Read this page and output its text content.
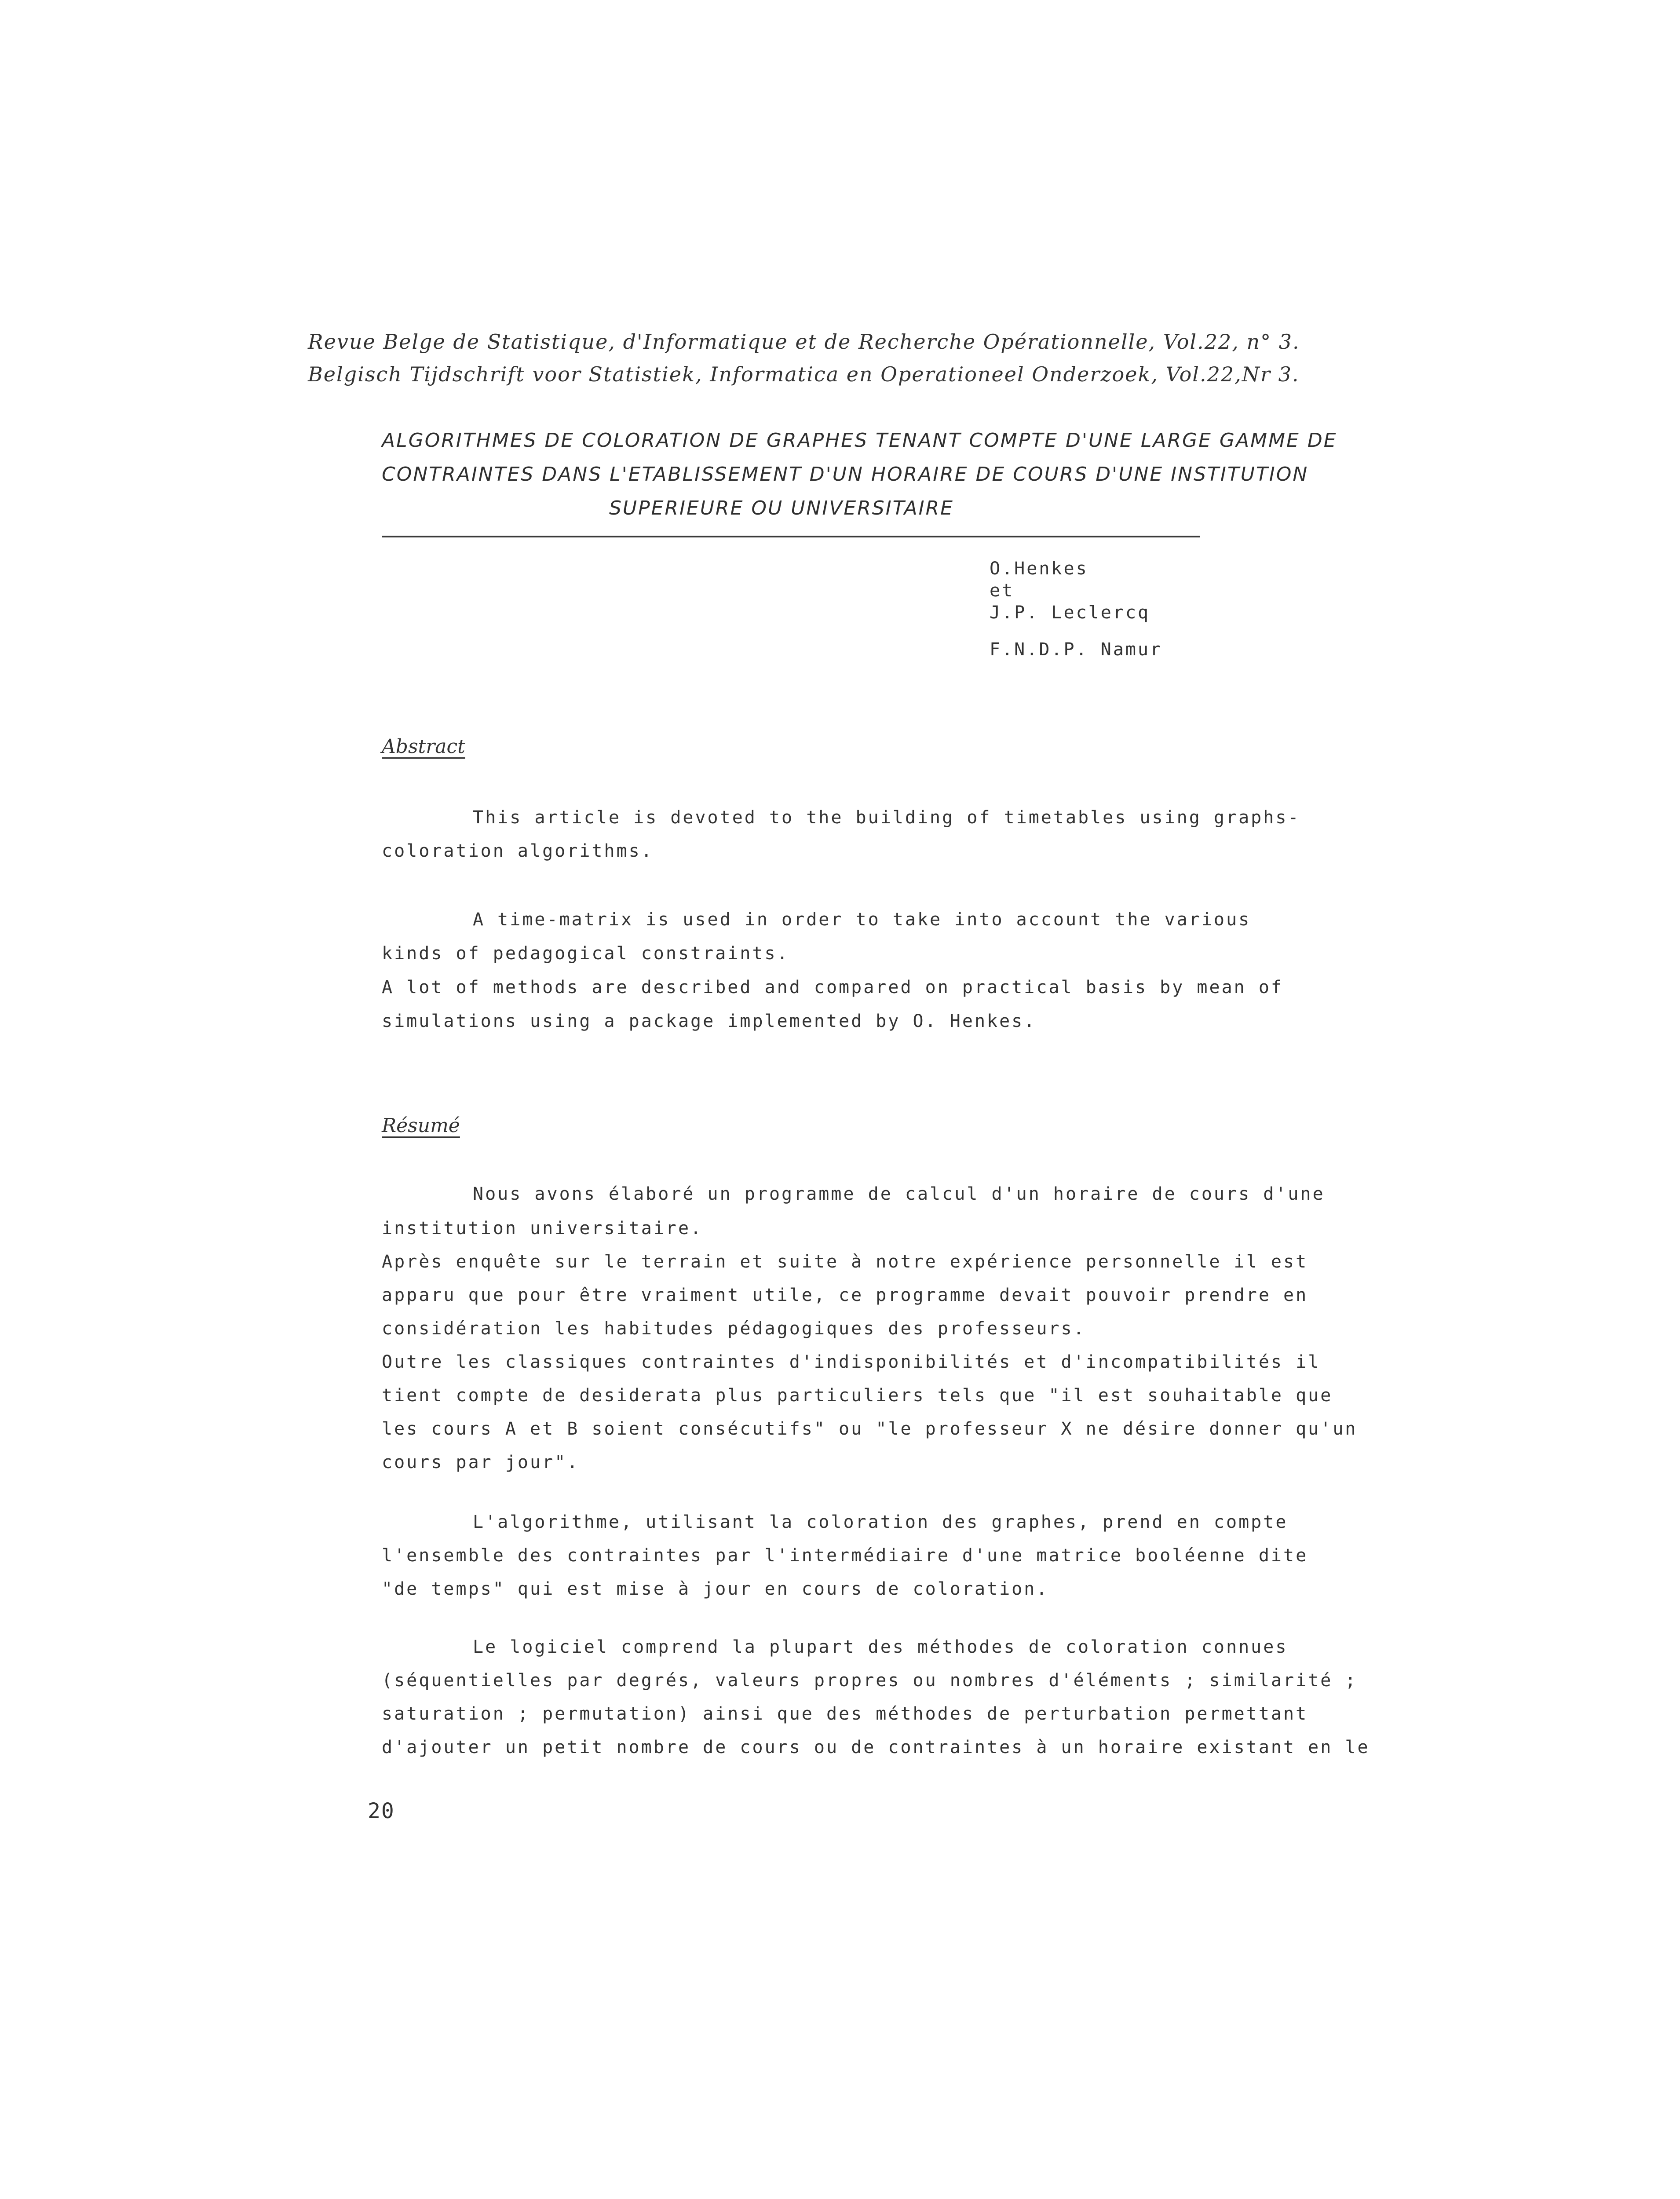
Revue Belge de Statistique, d'Informatique et de Recherche Opérationnelle, Vol.22, n° 3.
Belgisch Tijdschrift voor Statistiek, Informatica en Operationeel Onderzoek, Vol.22,Nr 3.
ALGORITHMES DE COLORATION DE GRAPHES TENANT COMPTE D'UNE LARGE GAMME DE
CONTRAINTES DANS L'ETABLISSEMENT D'UN HORAIRE DE COURS D'UNE INSTITUTION
SUPERIEURE OU UNIVERSITAIRE
O.Henkes
et
J.P. Leclercq
F.N.D.P. Namur
Abstract
This article is devoted to the building of timetables using graphs-
coloration algorithms.
A time-matrix is used in order to take into account the various
kinds of pedagogical constraints.
A lot of methods are described and compared on practical basis by mean of
simulations using a package implemented by O. Henkes.
Résumé
Nous avons élaboré un programme de calcul d'un horaire de cours d'une
institution universitaire.
Après enquête sur le terrain et suite à notre expérience personnelle il est
apparu que pour être vraiment utile, ce programme devait pouvoir prendre en
considération les habitudes pédagogiques des professeurs.
Outre les classiques contraintes d'indisponibilités et d'incompatibilités il
tient compte de desiderata plus particuliers tels que "il est souhaitable que
les cours A et B soient consécutifs" ou "le professeur X ne désire donner qu'un
cours par jour".
L'algorithme, utilisant la coloration des graphes, prend en compte
l'ensemble des contraintes par l'intermédiaire d'une matrice booléenne dite
"de temps" qui est mise à jour en cours de coloration.
Le logiciel comprend la plupart des méthodes de coloration connues
(séquentielles par degrés, valeurs propres ou nombres d'éléments ; similarité ;
saturation ; permutation) ainsi que des méthodes de perturbation permettant
d'ajouter un petit nombre de cours ou de contraintes à un horaire existant en le
20
